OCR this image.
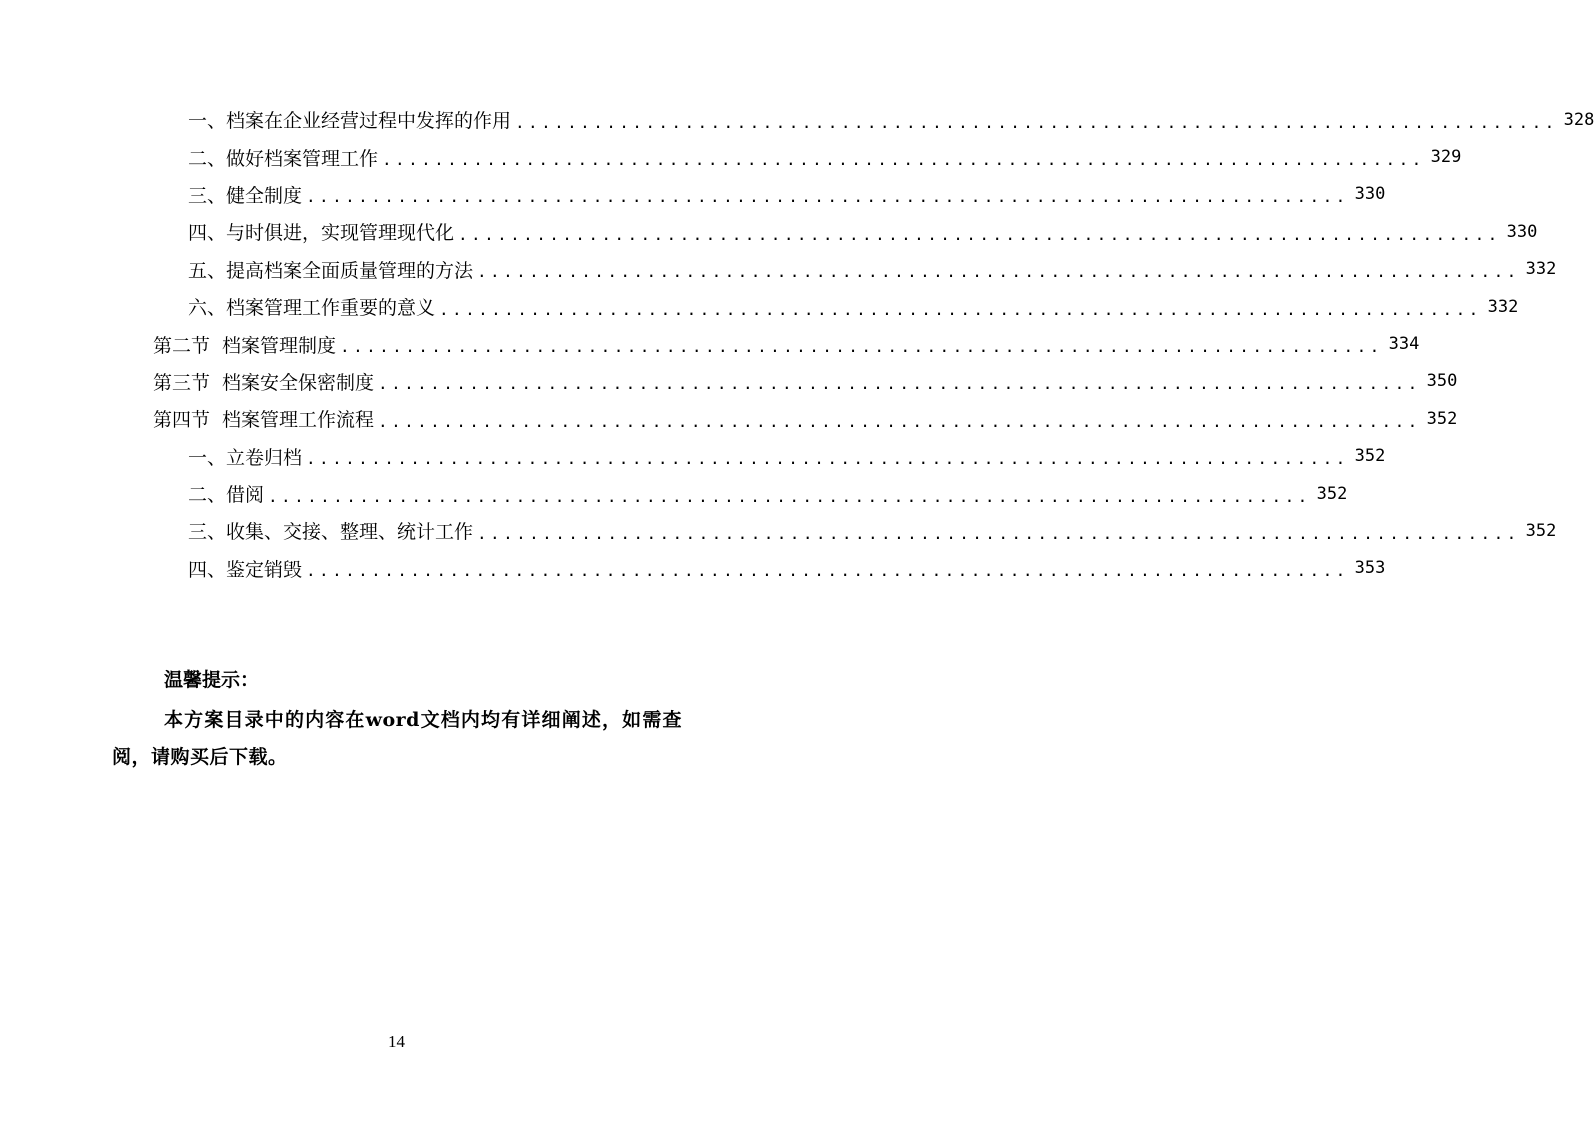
一、档案在企业经营过程中发挥的作用 ................................................................................ 328
二、做好档案管理工作 ................................................................................ 329
三、健全制度 ................................................................................ 330
四、与时俱进，实现管理现代化 ................................................................................ 330
五、提高档案全面质量管理的方法 ................................................................................ 332
六、档案管理工作重要的意义 ................................................................................ 332
第二节 档案管理制度 ................................................................................ 334
第三节 档案安全保密制度 ................................................................................ 350
第四节 档案管理工作流程 ................................................................................ 352
一、立卷归档 ................................................................................ 352
二、借阅 ................................................................................ 352
三、收集、交接、整理、统计工作 ................................................................................ 352
四、鉴定销毁 ................................................................................ 353
温馨提示：
本方案目录中的内容在word文档内均有详细阐述，如需查阅，请购买后下载。
14
